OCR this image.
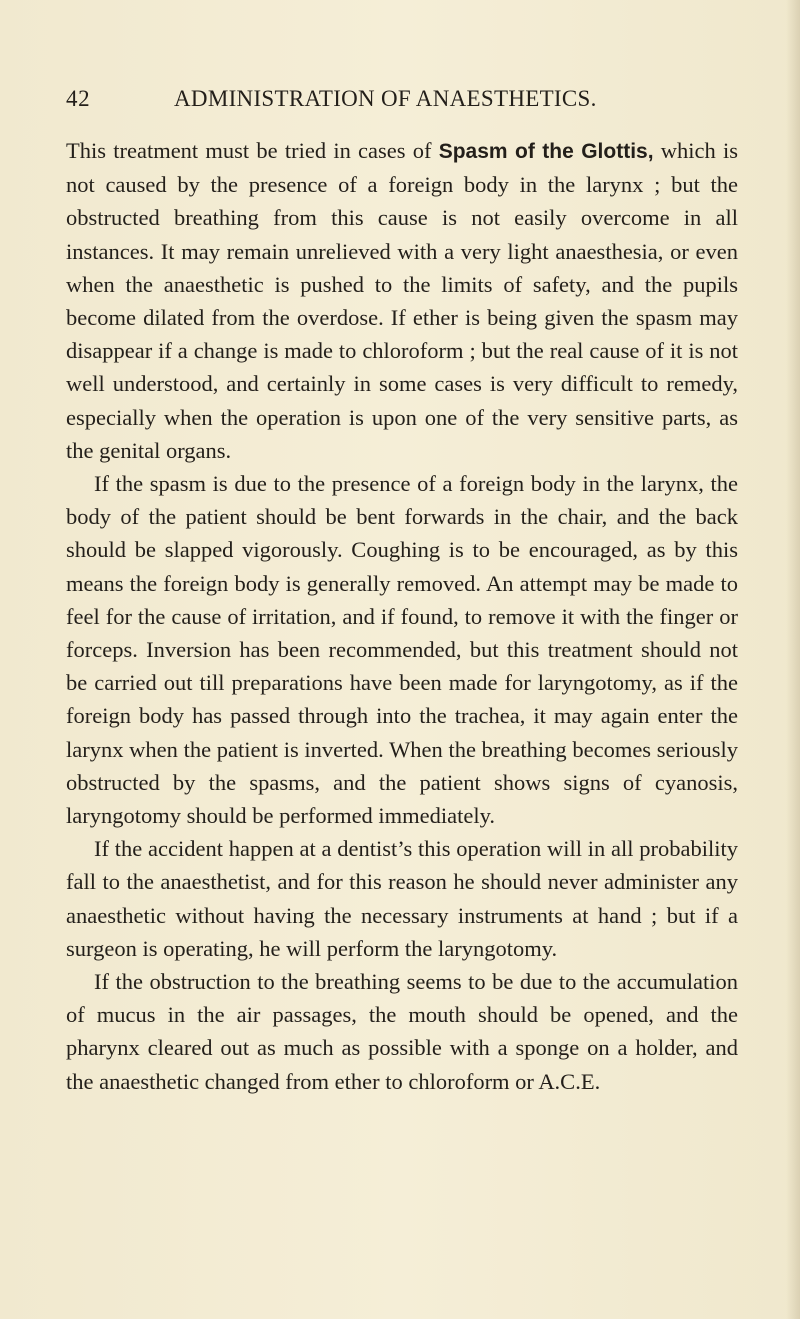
42	ADMINISTRATION OF ANAESTHETICS.

This treatment must be tried in cases of Spasm of the Glottis, which is not caused by the presence of a foreign body in the larynx ; but the obstructed breathing from this cause is not easily overcome in all instances. It may remain unrelieved with a very light anaesthesia, or even when the anaesthetic is pushed to the limits of safety, and the pupils become dilated from the overdose. If ether is being given the spasm may disappear if a change is made to chloroform ; but the real cause of it is not well understood, and certainly in some cases is very difficult to remedy, especially when the operation is upon one of the very sensitive parts, as the genital organs.

If the spasm is due to the presence of a foreign body in the larynx, the body of the patient should be bent forwards in the chair, and the back should be slapped vigorously. Coughing is to be encouraged, as by this means the foreign body is generally removed. An attempt may be made to feel for the cause of irritation, and if found, to remove it with the finger or forceps. Inversion has been recommended, but this treatment should not be carried out till preparations have been made for laryngotomy, as if the foreign body has passed through into the trachea, it may again enter the larynx when the patient is inverted. When the breathing becomes seriously obstructed by the spasms, and the patient shows signs of cyanosis, laryngotomy should be performed immediately.

If the accident happen at a dentist’s this operation will in all probability fall to the anaesthetist, and for this reason he should never administer any anaesthetic without having the necessary instruments at hand ; but if a surgeon is operating, he will perform the laryngotomy.

If the obstruction to the breathing seems to be due to the accumulation of mucus in the air passages, the mouth should be opened, and the pharynx cleared out as much as possible with a sponge on a holder, and the anaesthetic changed from ether to chloroform or A.C.E.
